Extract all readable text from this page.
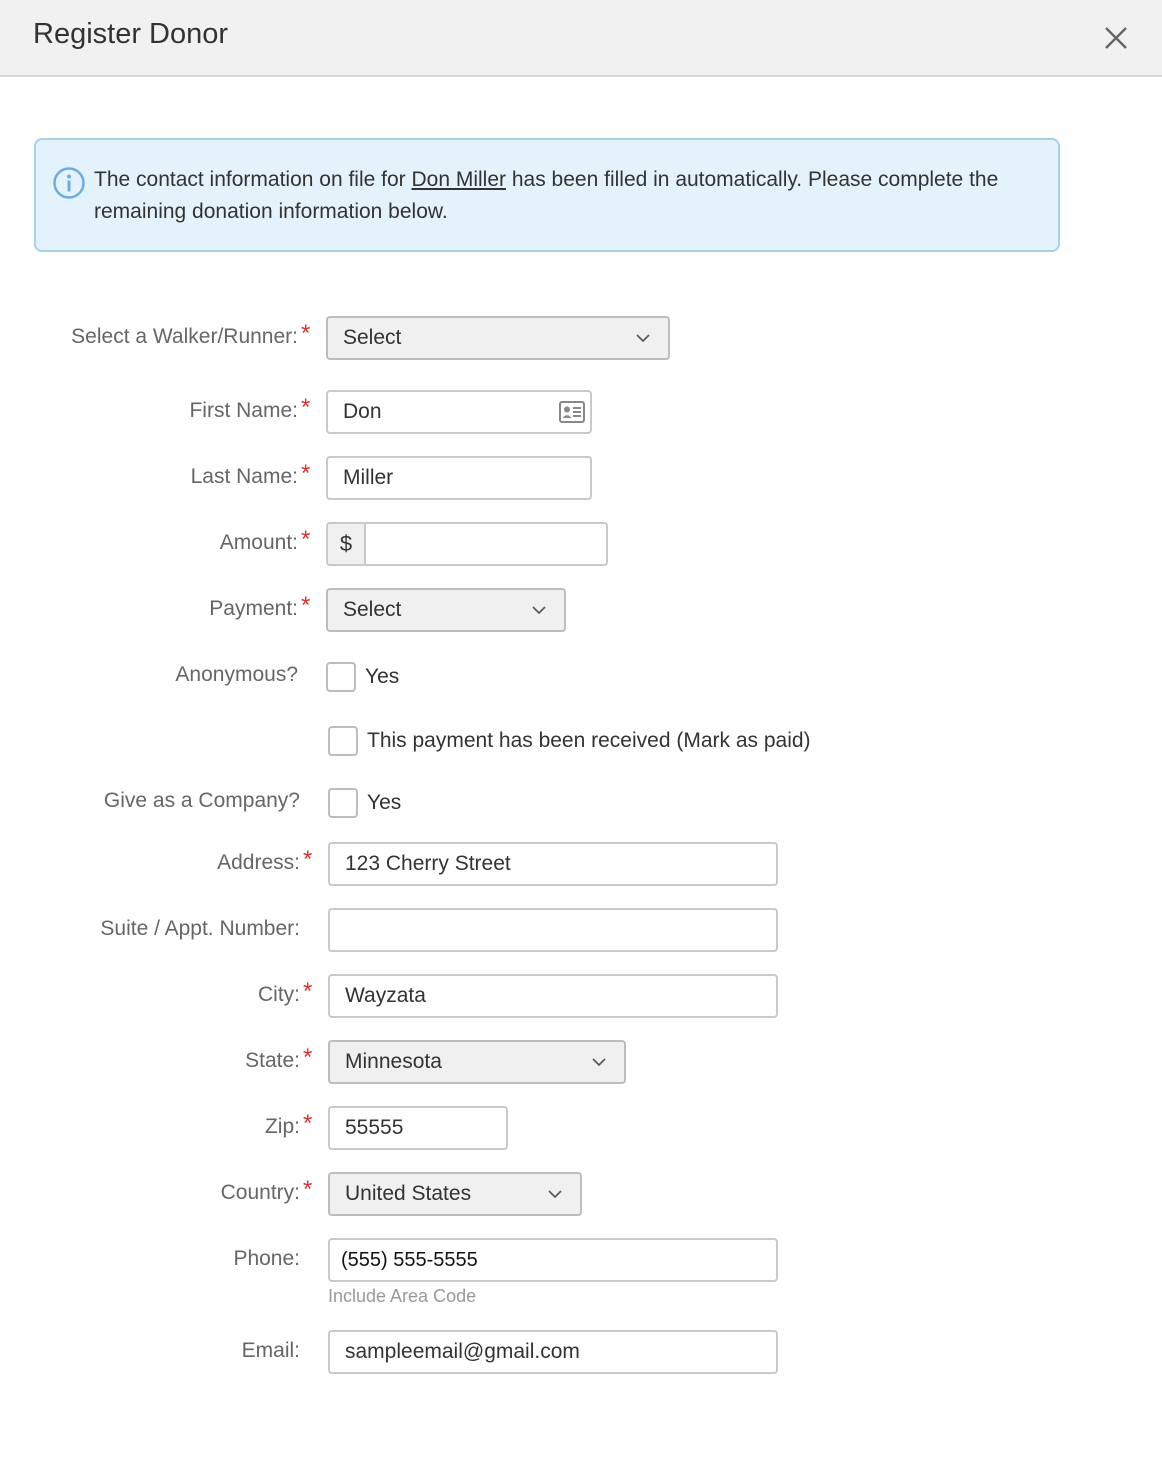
Register Donor
The contact information on file for Don Miller has been filled in automatically. Please complete the remaining donation information below.
Select a Walker/Runner: * Select
First Name: *
Don
Last Name: *
Miller
Amount: *	$
Payment: * Select
Anonymous?	Yes
This payment has been received (Mark as paid)
Give as a Company?	Yes
Address: *
123 Cherry Street
Suite / Appt. Number:
City: *
Wayzata
State: * Minnesota
Zip: *
55555
Country: * United States
Phone:
(555) 555-5555
Include Area Code
Email:
sampleemail@gmail.com
